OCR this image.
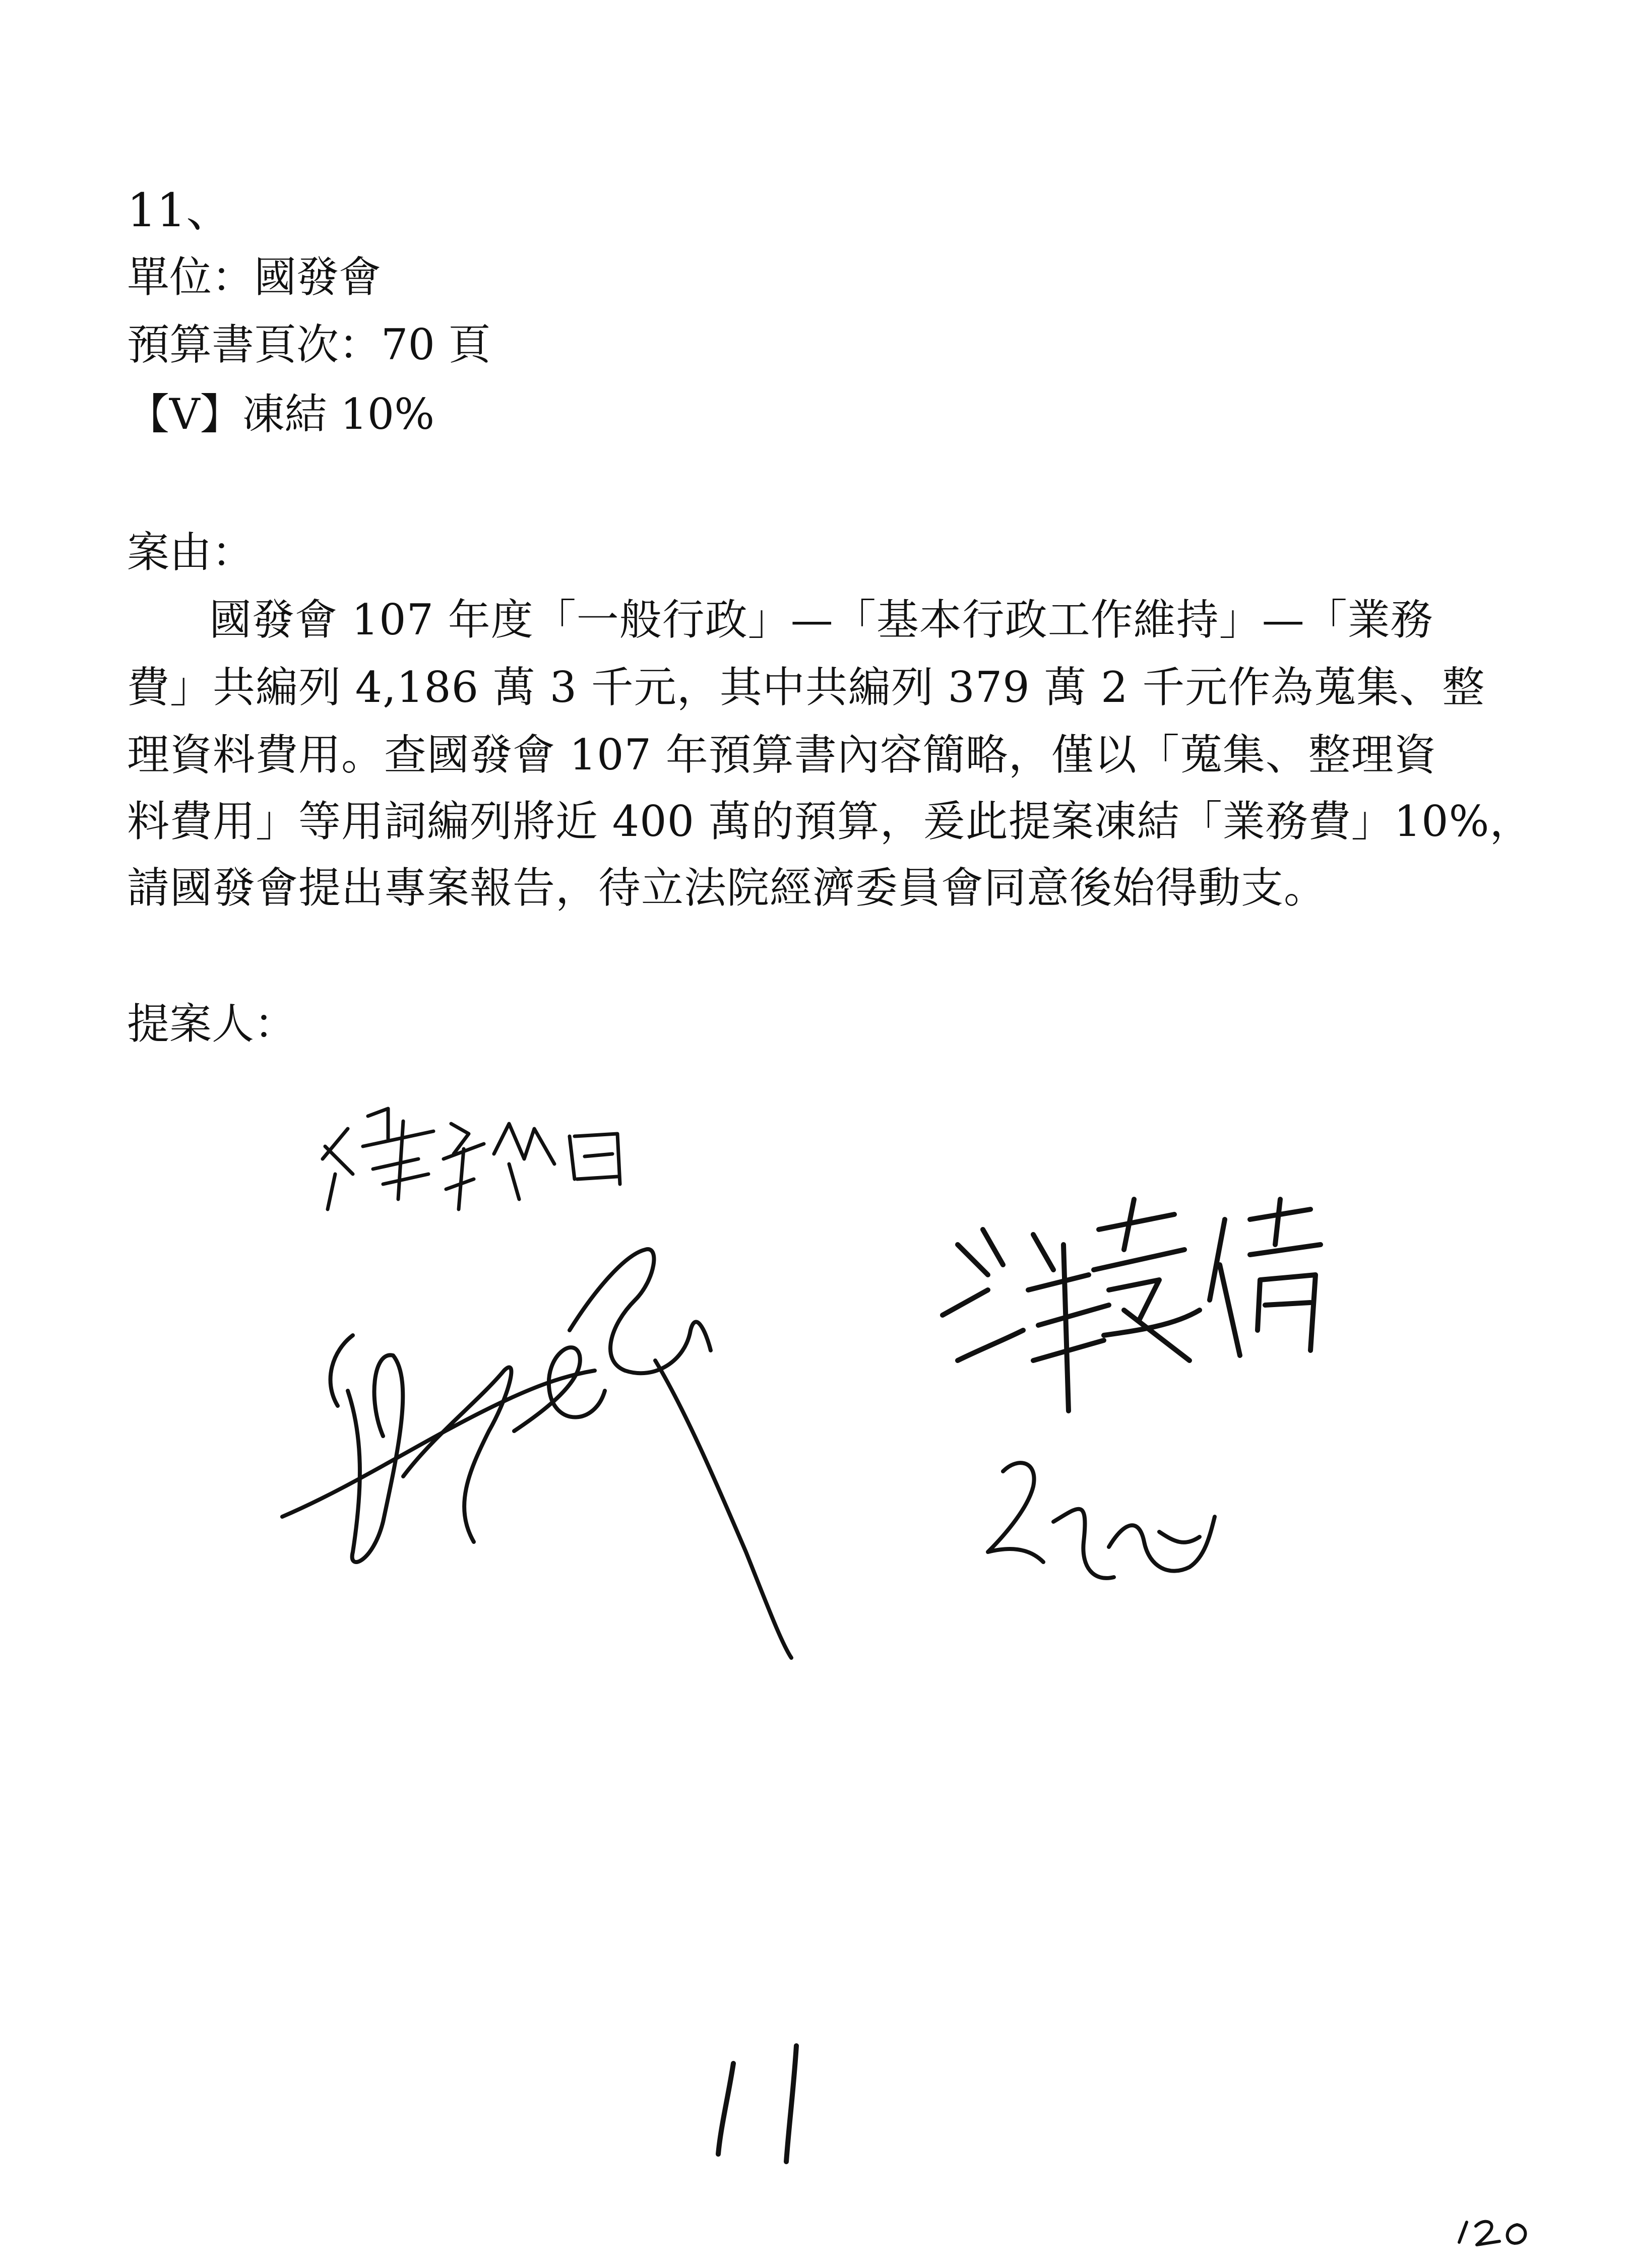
11、
單位：國發會
預算書頁次：70 頁
【V】凍結 10%
案由：
國發會 107 年度「一般行政」—「基本行政工作維持」—「業務
費」共編列 4,186 萬 3 千元，其中共編列 379 萬 2 千元作為蒐集、整
理資料費用。查國發會 107 年預算書內容簡略，僅以「蒐集、整理資
料費用」等用詞編列將近 400 萬的預算，爰此提案凍結「業務費」10%，
請國發會提出專案報告，待立法院經濟委員會同意後始得動支。
提案人：
